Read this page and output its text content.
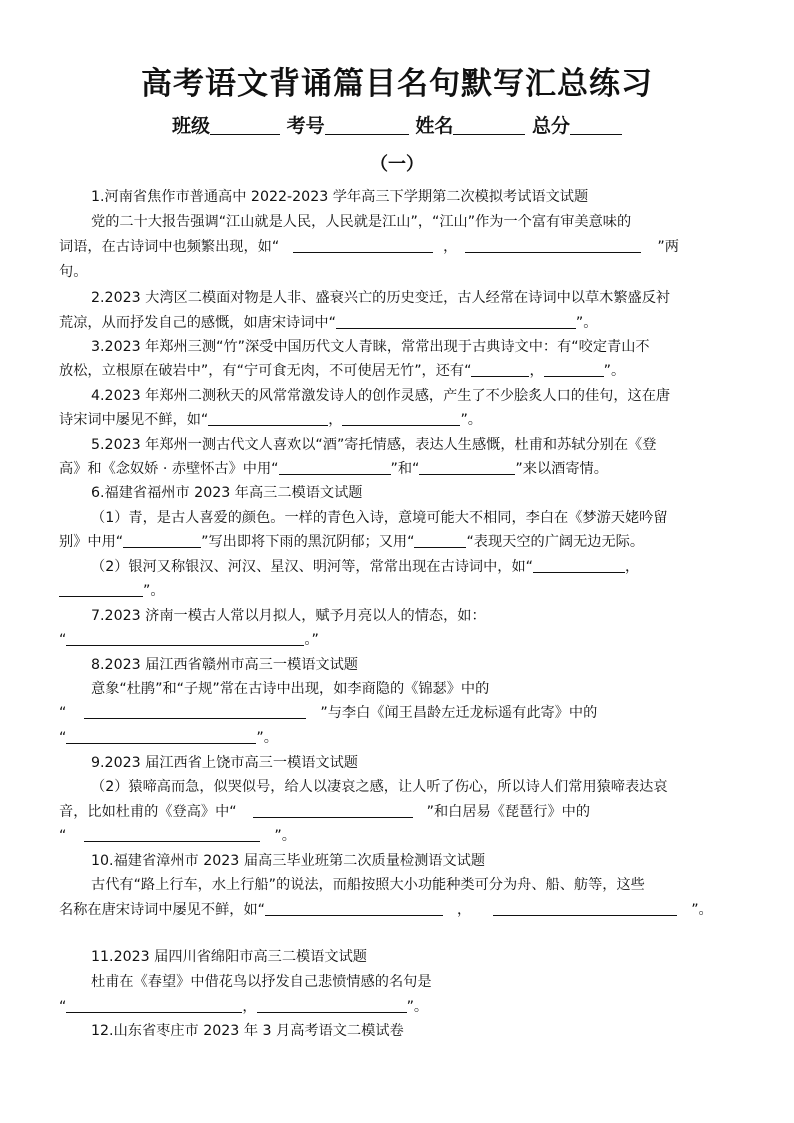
高考语文背诵篇目名句默写汇总练习
班级	考号	姓名	总分
（一）
1.河南省焦作市普通高中 2022-2023 学年高三下学期第二次模拟考试语文试题
党的二十大报告强调“江山就是人民，人民就是江山”，“江山”作为一个富有审美意味的
词语，在古诗词中也频繁出现，如“	，	”两
句。
2.2023 大湾区二模面对物是人非、盛衰兴亡的历史变迁，古人经常在诗词中以草木繁盛反衬
荒凉，从而抒发自己的感慨，如唐宋诗词中“	”。
3.2023 年郑州三测“竹”深受中国历代文人青睐，常常出现于古典诗文中：有“咬定青山不
放松，立根原在破岩中”，有“宁可食无肉，不可使居无竹”，还有“	，	”。
4.2023 年郑州二测秋天的风常常激发诗人的创作灵感，产生了不少脍炙人口的佳句，这在唐
诗宋词中屡见不鲜，如“	，	”。
5.2023 年郑州一测古代文人喜欢以“酒”寄托情感，表达人生感慨，杜甫和苏轼分别在《登
高》和《念奴娇 · 赤壁怀古》中用“	”和“	”来以酒寄情。
6.福建省福州市 2023 年高三二模语文试题
（1）青，是古人喜爱的颜色。一样的青色入诗，意境可能大不相同，李白在《梦游天姥吟留
别》中用“	”写出即将下雨的黑沉阴郁；又用“	“表现天空的广阔无边无际。
（2）银河又称银汉、河汉、星汉、明河等，常常出现在古诗词中，如“	，
”。
7.2023 济南一模古人常以月拟人，赋予月亮以人的情态，如：
“	。”
8.2023 届江西省赣州市高三一模语文试题
意象“杜鹃”和“子规”常在古诗中出现，如李商隐的《锦瑟》中的
“	”与李白《闻王昌龄左迁龙标遥有此寄》中的
“	”。
9.2023 届江西省上饶市高三一模语文试题
（2）猿啼高而急，似哭似号，给人以凄哀之感，让人听了伤心，所以诗人们常用猿啼表达哀
音，比如杜甫的《登高》中“	”和白居易《琵琶行》中的
“	”。
10.福建省漳州市 2023 届高三毕业班第二次质量检测语文试题
古代有“路上行车，水上行船”的说法，而船按照大小功能种类可分为舟、船、舫等，这些
名称在唐宋诗词中屡见不鲜，如“	，	”。
11.2023 届四川省绵阳市高三二模语文试题
杜甫在《春望》中借花鸟以抒发自己悲愤情感的名句是
“	，	”。
12.山东省枣庄市 2023 年 3 月高考语文二模试卷
